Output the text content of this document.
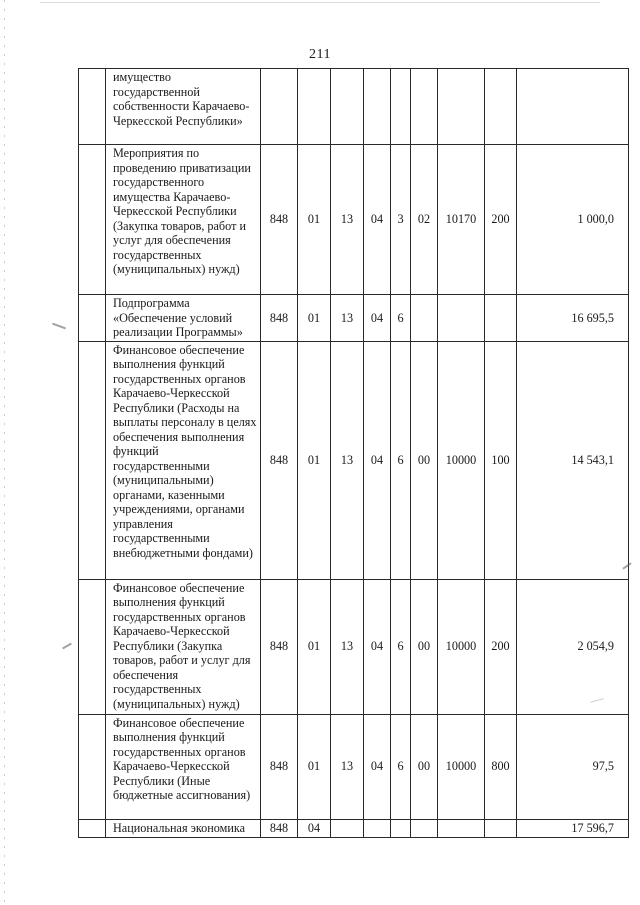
211
	имущество государственной собственности Карачаево-Черкесской Республики»									
	Мероприятия по проведению приватизации государственного имущества Карачаево-Черкесской Республики (Закупка товаров, работ и услуг для обеспечения государственных (муниципальных) нужд)	848	01	13	04	3	02	10170	200	1 000,0
	Подпрограмма «Обеспечение условий реализации Программы»	848	01	13	04	6				16 695,5
	Финансовое обеспечение выполнения функций государственных органов Карачаево-Черкесской Республики (Расходы на выплаты персоналу в целях обеспечения выполнения функций государственными (муниципальными) органами, казенными учреждениями, органами управления государственными внебюджетными фондами)	848	01	13	04	6	00	10000	100	14 543,1
	Финансовое обеспечение выполнения функций государственных органов Карачаево-Черкесской Республики (Закупка товаров, работ и услуг для обеспечения государственных (муниципальных) нужд)	848	01	13	04	6	00	10000	200	2 054,9
	Финансовое обеспечение выполнения функций государственных органов Карачаево-Черкесской Республики (Иные бюджетные ассигнования)	848	01	13	04	6	00	10000	800	97,5
	Национальная экономика	848	04							17 596,7
